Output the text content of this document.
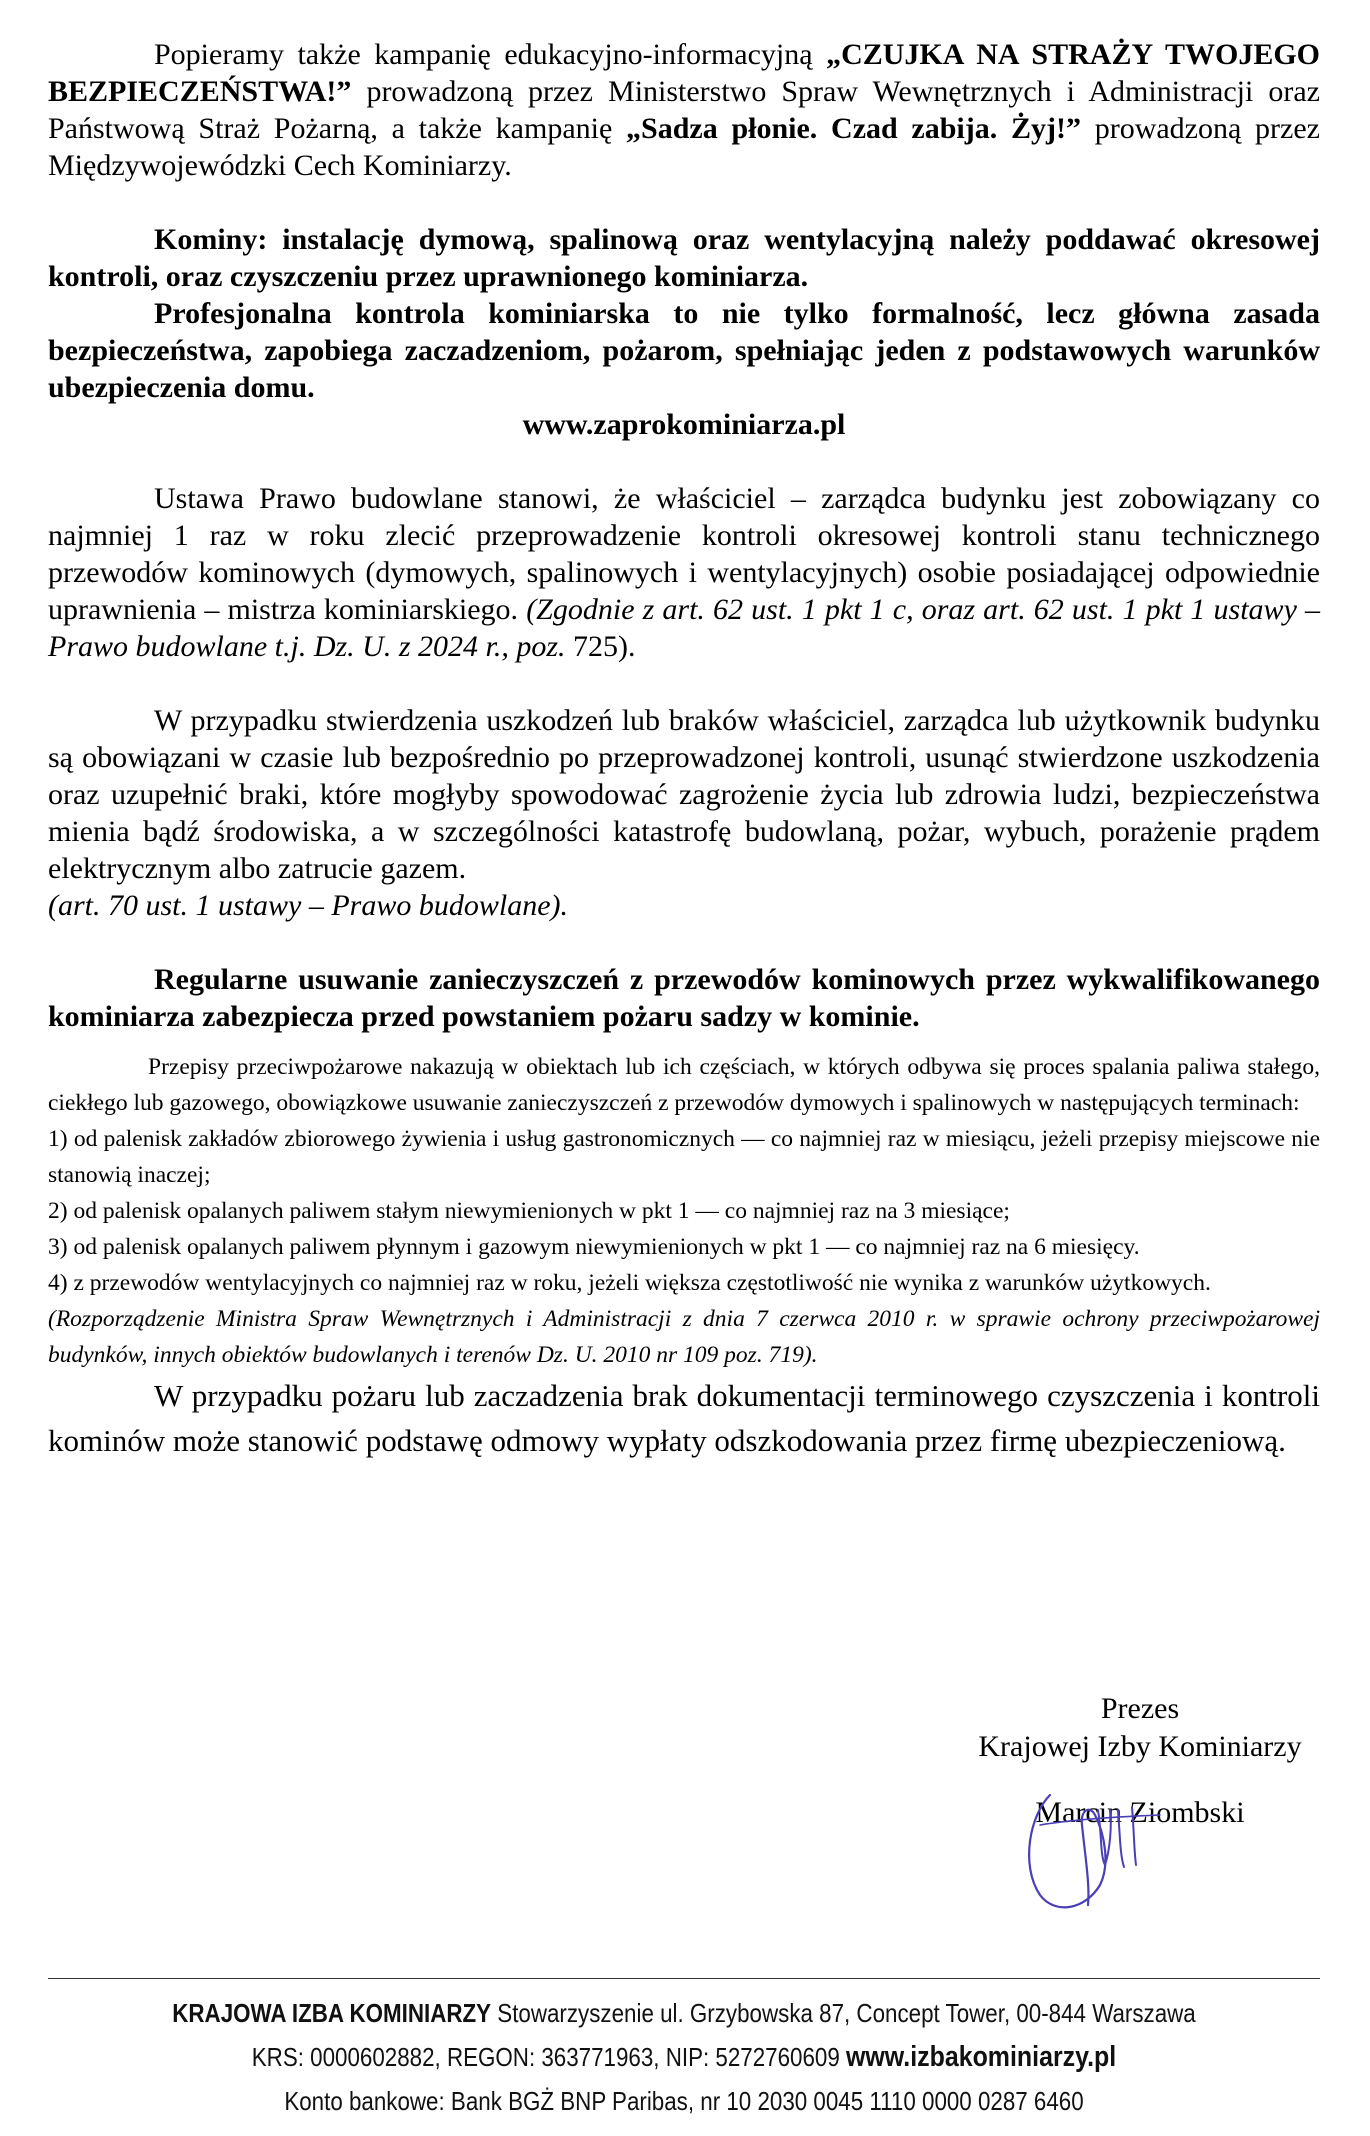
Popieramy także kampanię edukacyjno-informacyjną „CZUJKA NA STRAŻY TWOJEGO BEZPIECZEŃSTWA!” prowadzoną przez Ministerstwo Spraw Wewnętrznych i Administracji oraz Państwową Straż Pożarną, a także kampanię „Sadza płonie. Czad zabija. Żyj!” prowadzoną przez Międzywojewódzki Cech Kominiarzy.

Kominy: instalację dymową, spalinową oraz wentylacyjną należy poddawać okresowej kontroli, oraz czyszczeniu przez uprawnionego kominiarza.

Profesjonalna kontrola kominiarska to nie tylko formalność, lecz główna zasada bezpieczeństwa, zapobiega zaczadzeniom, pożarom, spełniając jeden z podstawowych warunków ubezpieczenia domu.

www.zaprokominiarza.pl

Ustawa Prawo budowlane stanowi, że właściciel – zarządca budynku jest zobowiązany co najmniej 1 raz w roku zlecić przeprowadzenie kontroli okresowej kontroli stanu technicznego przewodów kominowych (dymowych, spalinowych i wentylacyjnych) osobie posiadającej odpowiednie uprawnienia – mistrza kominiarskiego. (Zgodnie z art. 62 ust. 1 pkt 1 c, oraz art. 62 ust. 1 pkt 1 ustawy – Prawo budowlane t.j. Dz. U. z 2024 r., poz. 725).

W przypadku stwierdzenia uszkodzeń lub braków właściciel, zarządca lub użytkownik budynku są obowiązani w czasie lub bezpośrednio po przeprowadzonej kontroli, usunąć stwierdzone uszkodzenia oraz uzupełnić braki, które mogłyby spowodować zagrożenie życia lub zdrowia ludzi, bezpieczeństwa mienia bądź środowiska, a w szczególności katastrofę budowlaną, pożar, wybuch, porażenie prądem elektrycznym albo zatrucie gazem.

(art. 70 ust. 1 ustawy – Prawo budowlane).

Regularne usuwanie zanieczyszczeń z przewodów kominowych przez wykwalifikowanego kominiarza zabezpiecza przed powstaniem pożaru sadzy w kominie.

Przepisy przeciwpożarowe nakazują w obiektach lub ich częściach, w których odbywa się proces spalania paliwa stałego, ciekłego lub gazowego, obowiązkowe usuwanie zanieczyszczeń z przewodów dymowych i spalinowych w następujących terminach:

1) od palenisk zakładów zbiorowego żywienia i usług gastronomicznych — co najmniej raz w miesiącu, jeżeli przepisy miejscowe nie stanowią inaczej;

2) od palenisk opalanych paliwem stałym niewymienionych w pkt 1 — co najmniej raz na 3 miesiące;

3) od palenisk opalanych paliwem płynnym i gazowym niewymienionych w pkt 1 — co najmniej raz na 6 miesięcy.

4) z przewodów wentylacyjnych co najmniej raz w roku, jeżeli większa częstotliwość nie wynika z warunków użytkowych.

(Rozporządzenie Ministra Spraw Wewnętrznych i Administracji z dnia 7 czerwca 2010 r. w sprawie ochrony przeciwpożarowej budynków, innych obiektów budowlanych i terenów Dz. U. 2010 nr 109 poz. 719).

W przypadku pożaru lub zaczadzenia brak dokumentacji terminowego czyszczenia i kontroli kominów może stanowić podstawę odmowy wypłaty odszkodowania przez firmę ubezpieczeniową.

Prezes
Krajowej Izby Kominiarzy
Marcin Ziombski
KRAJOWA IZBA KOMINIARZY Stowarzyszenie ul. Grzybowska 87, Concept Tower, 00-844 Warszawa
KRS: 0000602882, REGON: 363771963, NIP: 5272760609 www.izbakominiarzy.pl
Konto bankowe: Bank BGŻ BNP Paribas, nr 10 2030 0045 1110 0000 0287 6460
